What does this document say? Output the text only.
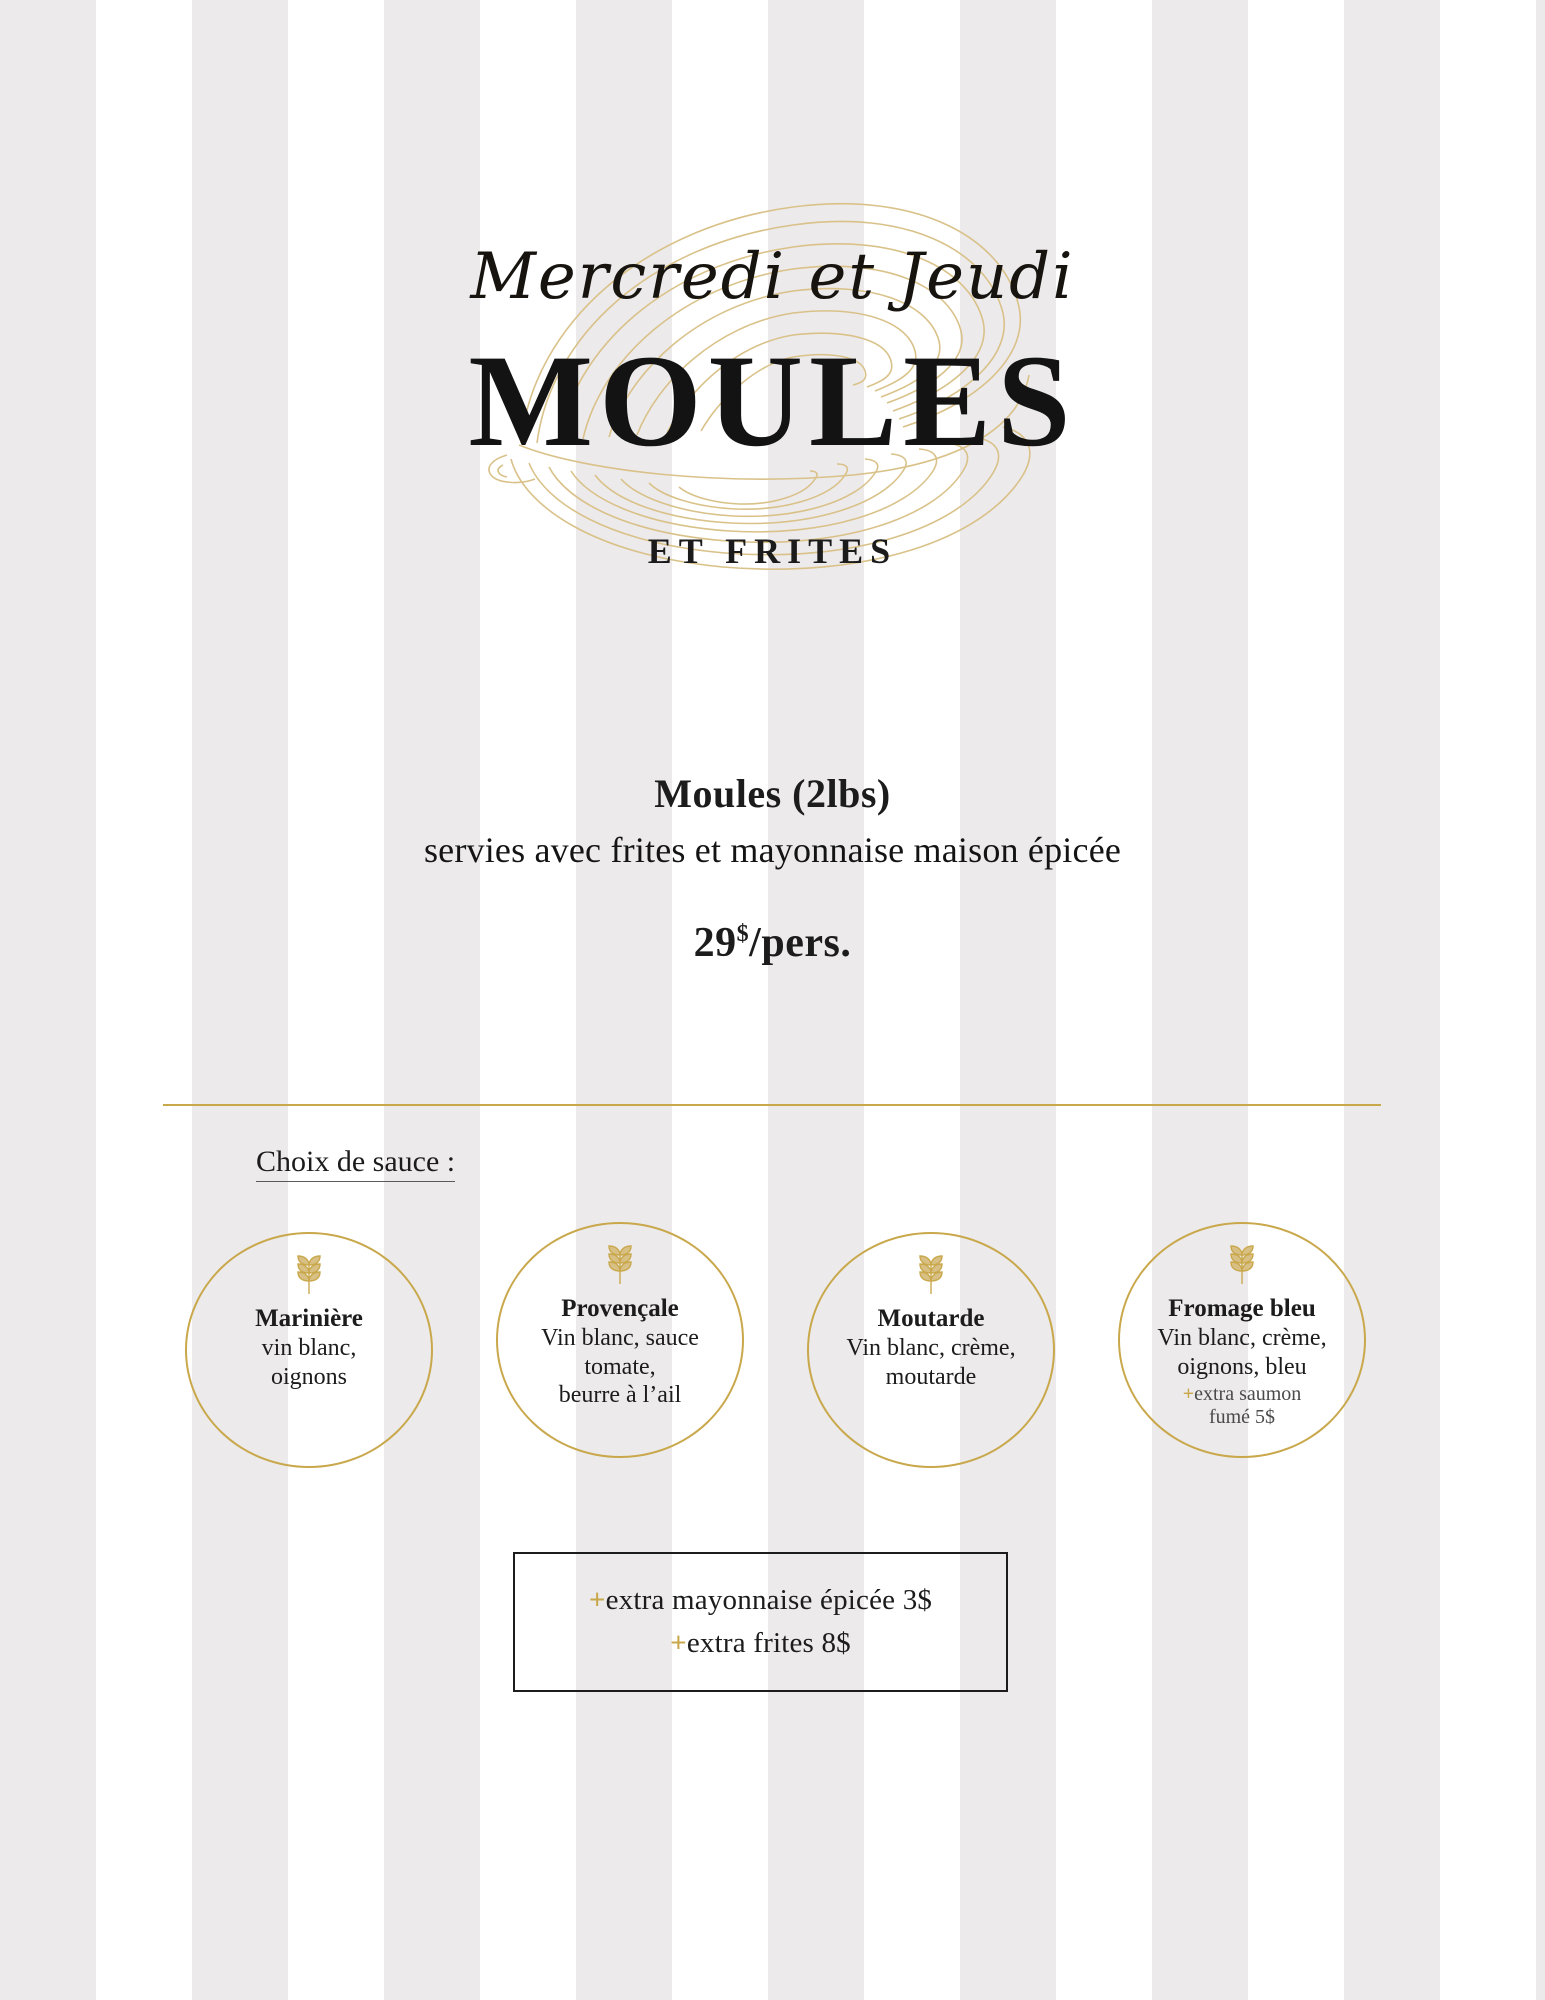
Mercredi et Jeudi
MOULES
ET FRITES
Moules (2lbs)
servies avec frites et mayonnaise maison épicée
29$/pers.
Choix de sauce :
Marinière
vin blanc,
oignons
Provençale
Vin blanc, sauce
tomate,
beurre à l’ail
Moutarde
Vin blanc, crème,
moutarde
Fromage bleu
Vin blanc, crème,
oignons, bleu
+extra saumon
fumé 5$
+extra mayonnaise épicée 3$
+extra frites 8$
